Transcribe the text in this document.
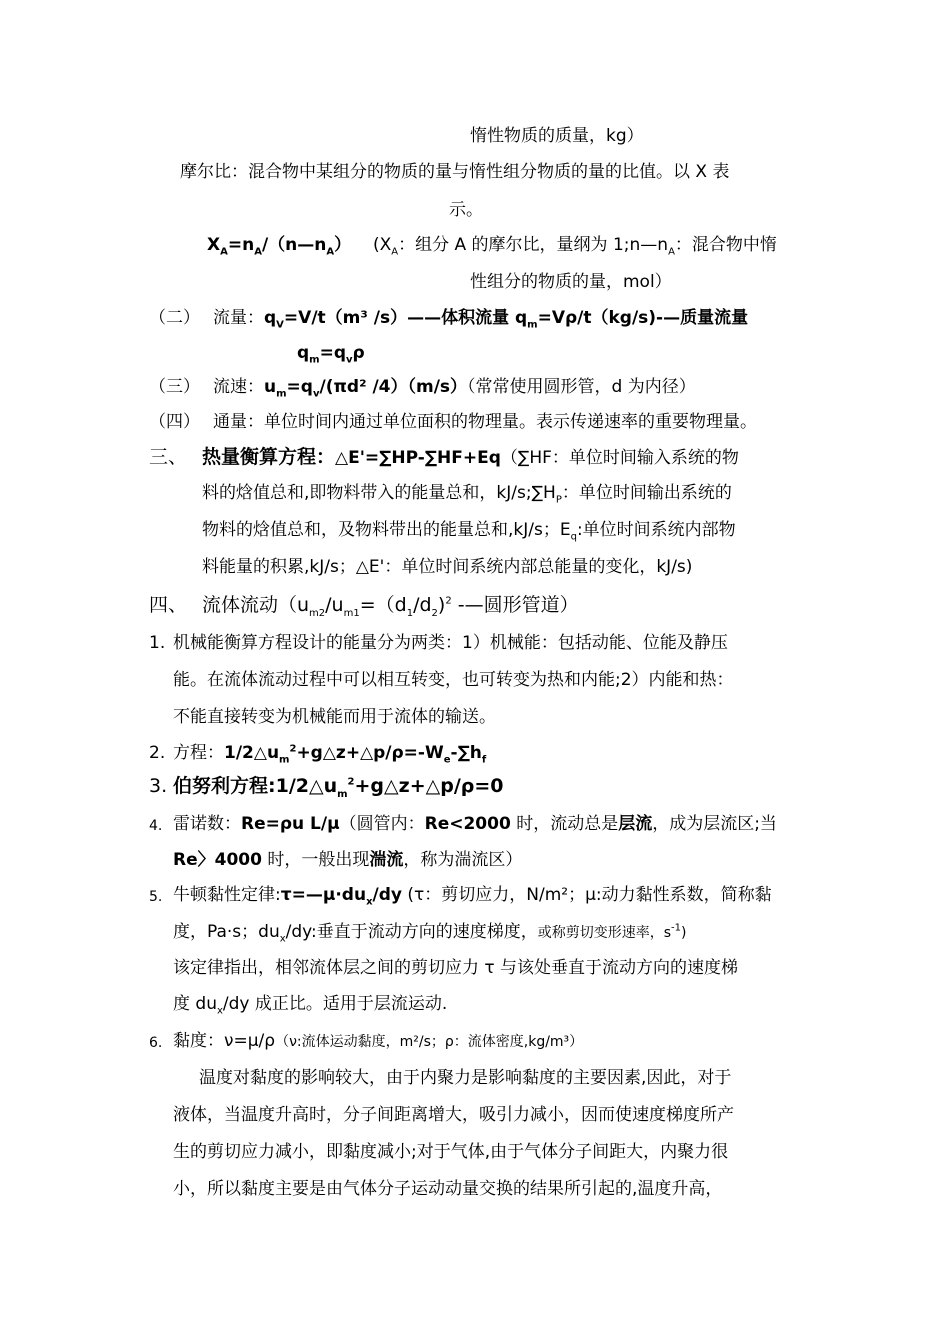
惰性物质的质量，kg）
摩尔比：混合物中某组分的物质的量与惰性组分物质的量的比值。以 X 表
示。
$X_A=n_A/(n—n_A)$ ($X_A$：组分 A 的摩尔比，量纲为 $1;n—n_A$：混合物中惰
性组分的物质的量，mol）
（二） 流量：$q_V=V/t(m^3$ /s）——体积流量 $q_m=V\rho/t(kg/s)-—$质量流量
$q_m=q_v\rho$
（三） 流速：$u_m=q_v/(\pi d^2$ /4）（m/s）（常常使用圆形管，d 为内径）
（四） 通量：单位时间内通过单位面积的物理量。表示传递速率的重要物理量。
三、 热量衡算方程：△E'=∑HP-∑HF+Eq（∑HF：单位时间输入系统的物
料的焓值总和,即物料带入的能量总和，$kJ/s;\sum H_P$：单位时间输出系统的
物料的焓值总和，及物料带出的能量总和,kJ/s；$E_q$:单位时间系统内部物
料能量的积累,kJ/s；△E'：单位时间系统内部总能量的变化，kJ/s)
四、 流体流动（$u_{m2}/u_{m1}=(d_1/d_2)^2$ -—圆形管道）
1. 机械能衡算方程设计的能量分为两类：1）机械能：包括动能、位能及静压
能。在流体流动过程中可以相互转变，也可转变为热和内能;2）内能和热：
不能直接转变为机械能而用于流体的输送。
2. 方程：$1/2\triangle u_m^2+g\triangle z+\triangle p/\rho=-W_e-\sum h_f$
3. 伯努利方程$:1/2\triangle u_m^2+g\triangle z+\triangle p/\rho=0$
4. 雷诺数：Re=ρu L/μ（圆管内：Re<2000 时，流动总是层流，成为层流区;当
Re〉4000 时，一般出现湍流，称为湍流区）
5. 牛顿黏性定律$:\tau=—\mu\cdot du_x/dy$ (τ：剪切应力，N/m²；μ:动力黏性系数，简称黏
度，Pa·s；$du_x/dy$:垂直于流动方向的速度梯度，或称剪切变形速率，$s^{-1}$)
该定律指出，相邻流体层之间的剪切应力 τ 与该处垂直于流动方向的速度梯
度 $du_x/dy$ 成正比。适用于层流运动.
6. 黏度：ν=μ/ρ（ν:流体运动黏度，m²/s；ρ：流体密度,kg/m³）
温度对黏度的影响较大，由于内聚力是影响黏度的主要因素,因此，对于
液体，当温度升高时，分子间距离增大，吸引力减小，因而使速度梯度所产
生的剪切应力减小，即黏度减小;对于气体,由于气体分子间距大，内聚力很
小，所以黏度主要是由气体分子运动动量交换的结果所引起的,温度升高，
